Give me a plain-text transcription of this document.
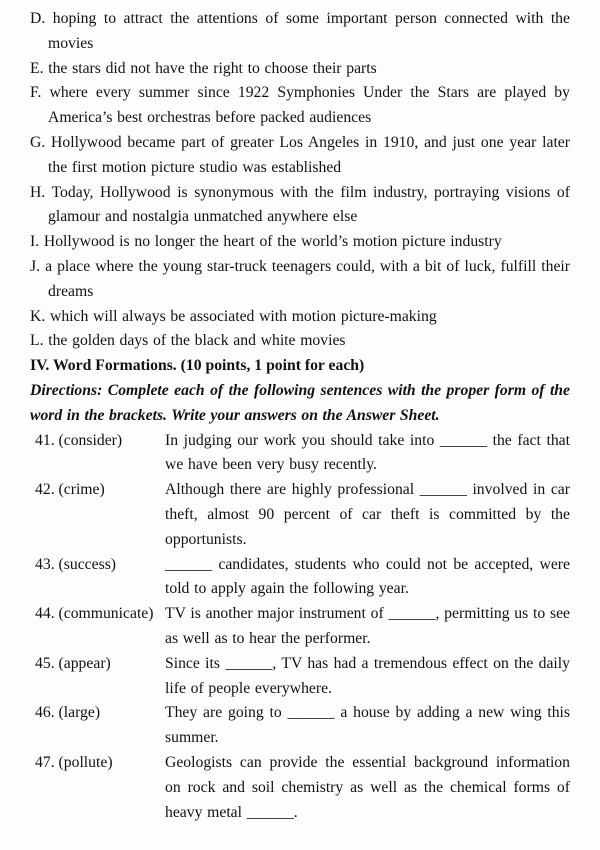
D. hoping to attract the attentions of some important person connected with the movies
E. the stars did not have the right to choose their parts
F. where every summer since 1922 Symphonies Under the Stars are played by America’s best orchestras before packed audiences
G. Hollywood became part of greater Los Angeles in 1910, and just one year later the first motion picture studio was established
H. Today, Hollywood is synonymous with the film industry, portraying visions of glamour and nostalgia unmatched anywhere else
I. Hollywood is no longer the heart of the world’s motion picture industry
J. a place where the young star-truck teenagers could, with a bit of luck, fulfill their dreams
K. which will always be associated with motion picture-making
L. the golden days of the black and white movies
IV. Word Formations. (10 points, 1 point for each)
Directions: Complete each of the following sentences with the proper form of the word in the brackets. Write your answers on the Answer Sheet.
41. (consider)	In judging our work you should take into ______ the fact that we have been very busy recently.
42. (crime)	Although there are highly professional ______ involved in car theft, almost 90 percent of car theft is committed by the opportunists.
43. (success)	______ candidates, students who could not be accepted, were told to apply again the following year.
44. (communicate) TV is another major instrument of ______, permitting us to see as well as to hear the performer.
45. (appear)	Since its ______, TV has had a tremendous effect on the daily life of people everywhere.
46. (large)	They are going to ______ a house by adding a new wing this summer.
47. (pollute)	Geologists can provide the essential background information on rock and soil chemistry as well as the chemical forms of heavy metal ______.
